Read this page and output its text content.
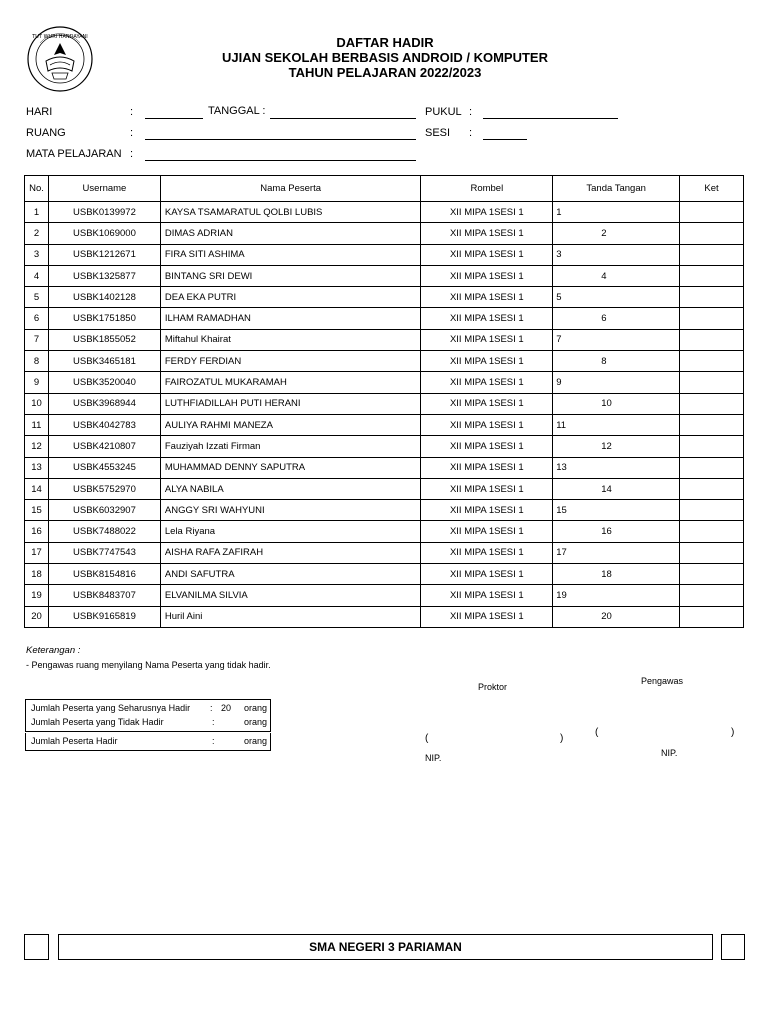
TUT WURI HANDAYANI	DAFTAR HADIR
UJIAN SEKOLAH BERBASIS ANDROID / KOMPUTER
TAHUN PELAJARAN 2022/2023
HARI	:	TANGGAL :	PUKUL :
RUANG	:	SESI :
MATA PELAJARAN :
No.	Username	Nama Peserta	Rombel	Tanda Tangan	Ket
1	USBK0139972	KAYSA TSAMARATUL QOLBI LUBIS	XII MIPA 1SESI 1	1	
2	USBK1069000	DIMAS ADRIAN	XII MIPA 1SESI 1	2	
3	USBK1212671	FIRA SITI ASHIMA	XII MIPA 1SESI 1	3	
4	USBK1325877	BINTANG SRI DEWI	XII MIPA 1SESI 1	4	
5	USBK1402128	DEA EKA PUTRI	XII MIPA 1SESI 1	5	
6	USBK1751850	ILHAM RAMADHAN	XII MIPA 1SESI 1	6	
7	USBK1855052	Miftahul Khairat	XII MIPA 1SESI 1	7	
8	USBK3465181	FERDY FERDIAN	XII MIPA 1SESI 1	8	
9	USBK3520040	FAIROZATUL MUKARAMAH	XII MIPA 1SESI 1	9	
10	USBK3968944	LUTHFIADILLAH PUTI HERANI	XII MIPA 1SESI 1	10	
11	USBK4042783	AULIYA RAHMI MANEZA	XII MIPA 1SESI 1	11	
12	USBK4210807	Fauziyah Izzati Firman	XII MIPA 1SESI 1	12	
13	USBK4553245	MUHAMMAD DENNY SAPUTRA	XII MIPA 1SESI 1	13	
14	USBK5752970	ALYA NABILA	XII MIPA 1SESI 1	14	
15	USBK6032907	ANGGY SRI WAHYUNI	XII MIPA 1SESI 1	15	
16	USBK7488022	Lela Riyana	XII MIPA 1SESI 1	16	
17	USBK7747543	AISHA RAFA ZAFIRAH	XII MIPA 1SESI 1	17	
18	USBK8154816	ANDI SAFUTRA	XII MIPA 1SESI 1	18	
19	USBK8483707	ELVANILMA SILVIA	XII MIPA 1SESI 1	19	
20	USBK9165819	Huril Aini	XII MIPA 1SESI 1	20	
Keterangan :
- Pengawas ruang menyilang Nama Peserta yang tidak hadir.
Jumlah Peserta yang Seharusnya Hadir : 20 orang
Jumlah Peserta yang Tidak Hadir	:	orang
Jumlah Peserta Hadir	:	orang
Proktor
Pengawas
(	)
NIP.
(	)
NIP.
SMA NEGERI 3 PARIAMAN
